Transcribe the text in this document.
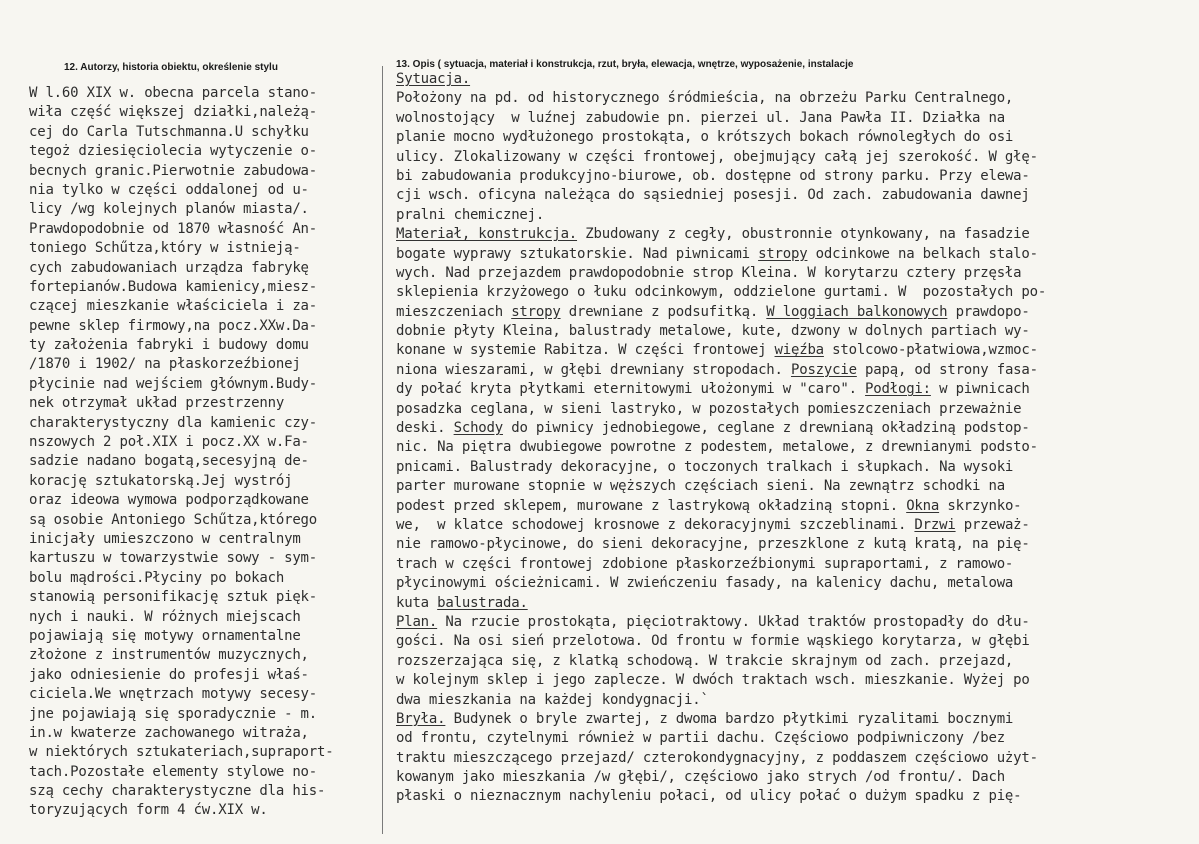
12. Autorzy, historia obiektu, określenie stylu	13. Opis ( sytuacja, materiał i konstrukcja, rzut, bryła, elewacja, wnętrze, wyposażenie, instalacje
W l.60 XIX w. obecna parcela stano-
wiła część większej działki,należą-
cej do Carla Tutschmanna.U schyłku
tegoż dziesięciolecia wytyczenie o-
becnych granic.Pierwotnie zabudowa-
nia tylko w części oddalonej od u-
licy /wg kolejnych planów miasta/.
Prawdopodobnie od 1870 własność An-
toniego Schűtza,który w istnieją-
cych zabudowaniach urządza fabrykę
fortepianów.Budowa kamienicy,miesz-
czącej mieszkanie właściciela i za-
pewne sklep firmowy,na pocz.XXw.Da-
ty założenia fabryki i budowy domu
/1870 i 1902/ na płaskorzeźbionej
płycinie nad wejściem głównym.Budy-
nek otrzymał układ przestrzenny
charakterystyczny dla kamienic czy-
nszowych 2 poł.XIX i pocz.XX w.Fa-
sadzie nadano bogatą,secesyjną de-
korację sztukatorską.Jej wystrój
oraz ideowa wymowa podporządkowane
są osobie Antoniego Schűtza,którego
inicjały umieszczono w centralnym
kartuszu w towarzystwie sowy - sym-
bolu mądrości.Płyciny po bokach
stanowią personifikację sztuk pięk-
nych i nauki. W różnych miejscach
pojawiają się motywy ornamentalne
złożone z instrumentów muzycznych,
jako odniesienie do profesji właś-
ciciela.We wnętrzach motywy secesy-
jne pojawiają się sporadycznie - m.
in.w kwaterze zachowanego witraża,
w niektórych sztukateriach,supraport-
tach.Pozostałe elementy stylowe no-
szą cechy charakterystyczne dla his-
toryzujących form 4 ćw.XIX w.
Sytuacja.
Położony na pd. od historycznego śródmieścia, na obrzeżu Parku Centralnego,
wolnostojący  w luźnej zabudowie pn. pierzei ul. Jana Pawła II. Działka na
planie mocno wydłużonego prostokąta, o krótszych bokach równoległych do osi
ulicy. Zlokalizowany w części frontowej, obejmujący całą jej szerokość. W głę-
bi zabudowania produkcyjno-biurowe, ob. dostępne od strony parku. Przy elewa-
cji wsch. oficyna należąca do sąsiedniej posesji. Od zach. zabudowania dawnej
pralni chemicznej.
Materiał, konstrukcja. Zbudowany z cegły, obustronnie otynkowany, na fasadzie
bogate wyprawy sztukatorskie. Nad piwnicami stropy odcinkowe na belkach stalo-
wych. Nad przejazdem prawdopodobnie strop Kleina. W korytarzu cztery przęsła
sklepienia krzyżowego o łuku odcinkowym, oddzielone gurtami. W  pozostałych po-
mieszczeniach stropy drewniane z podsufitką. W loggiach balkonowych prawdopo-
dobnie płyty Kleina, balustrady metalowe, kute, dzwony w dolnych partiach wy-
konane w systemie Rabitza. W części frontowej więźba stolcowo-płatwiowa,wzmoc-
niona wieszarami, w głębi drewniany stropodach. Poszycie papą, od strony fasa-
dy połać kryta płytkami eternitowymi ułożonymi w "caro". Podłogi: w piwnicach
posadzka ceglana, w sieni lastryko, w pozostałych pomieszczeniach przeważnie
deski. Schody do piwnicy jednobiegowe, ceglane z drewnianą okładziną podstop-
nic. Na piętra dwubiegowe powrotne z podestem, metalowe, z drewnianymi podsto-
pnicami. Balustrady dekoracyjne, o toczonych tralkach i słupkach. Na wysoki
parter murowane stopnie w węższych częściach sieni. Na zewnątrz schodki na
podest przed sklepem, murowane z lastrykową okładziną stopni. Okna skrzynko-
we,  w klatce schodowej krosnowe z dekoracyjnymi szczeblinami. Drzwi przeważ-
nie ramowo-płycinowe, do sieni dekoracyjne, przeszklone z kutą kratą, na pię-
trach w części frontowej zdobione płaskorzeźbionymi supraportami, z ramowo-
płycinowymi ościeżnicami. W zwieńczeniu fasady, na kalenicy dachu, metalowa
kuta balustrada.
Plan. Na rzucie prostokąta, pięciotraktowy. Układ traktów prostopadły do dłu-
gości. Na osi sień przelotowa. Od frontu w formie wąskiego korytarza, w głębi
rozszerzająca się, z klatką schodową. W trakcie skrajnym od zach. przejazd,
w kolejnym sklep i jego zaplecze. W dwóch traktach wsch. mieszkanie. Wyżej po
dwa mieszkania na każdej kondygnacji.`
Bryła. Budynek o bryle zwartej, z dwoma bardzo płytkimi ryzalitami bocznymi
od frontu, czytelnymi również w partii dachu. Częściowo podpiwniczony /bez
traktu mieszczącego przejazd/ czterokondygnacyjny, z poddaszem częściowo użyt-
kowanym jako mieszkania /w głębi/, częściowo jako strych /od frontu/. Dach
płaski o nieznacznym nachyleniu połaci, od ulicy połać o dużym spadku z pię-
